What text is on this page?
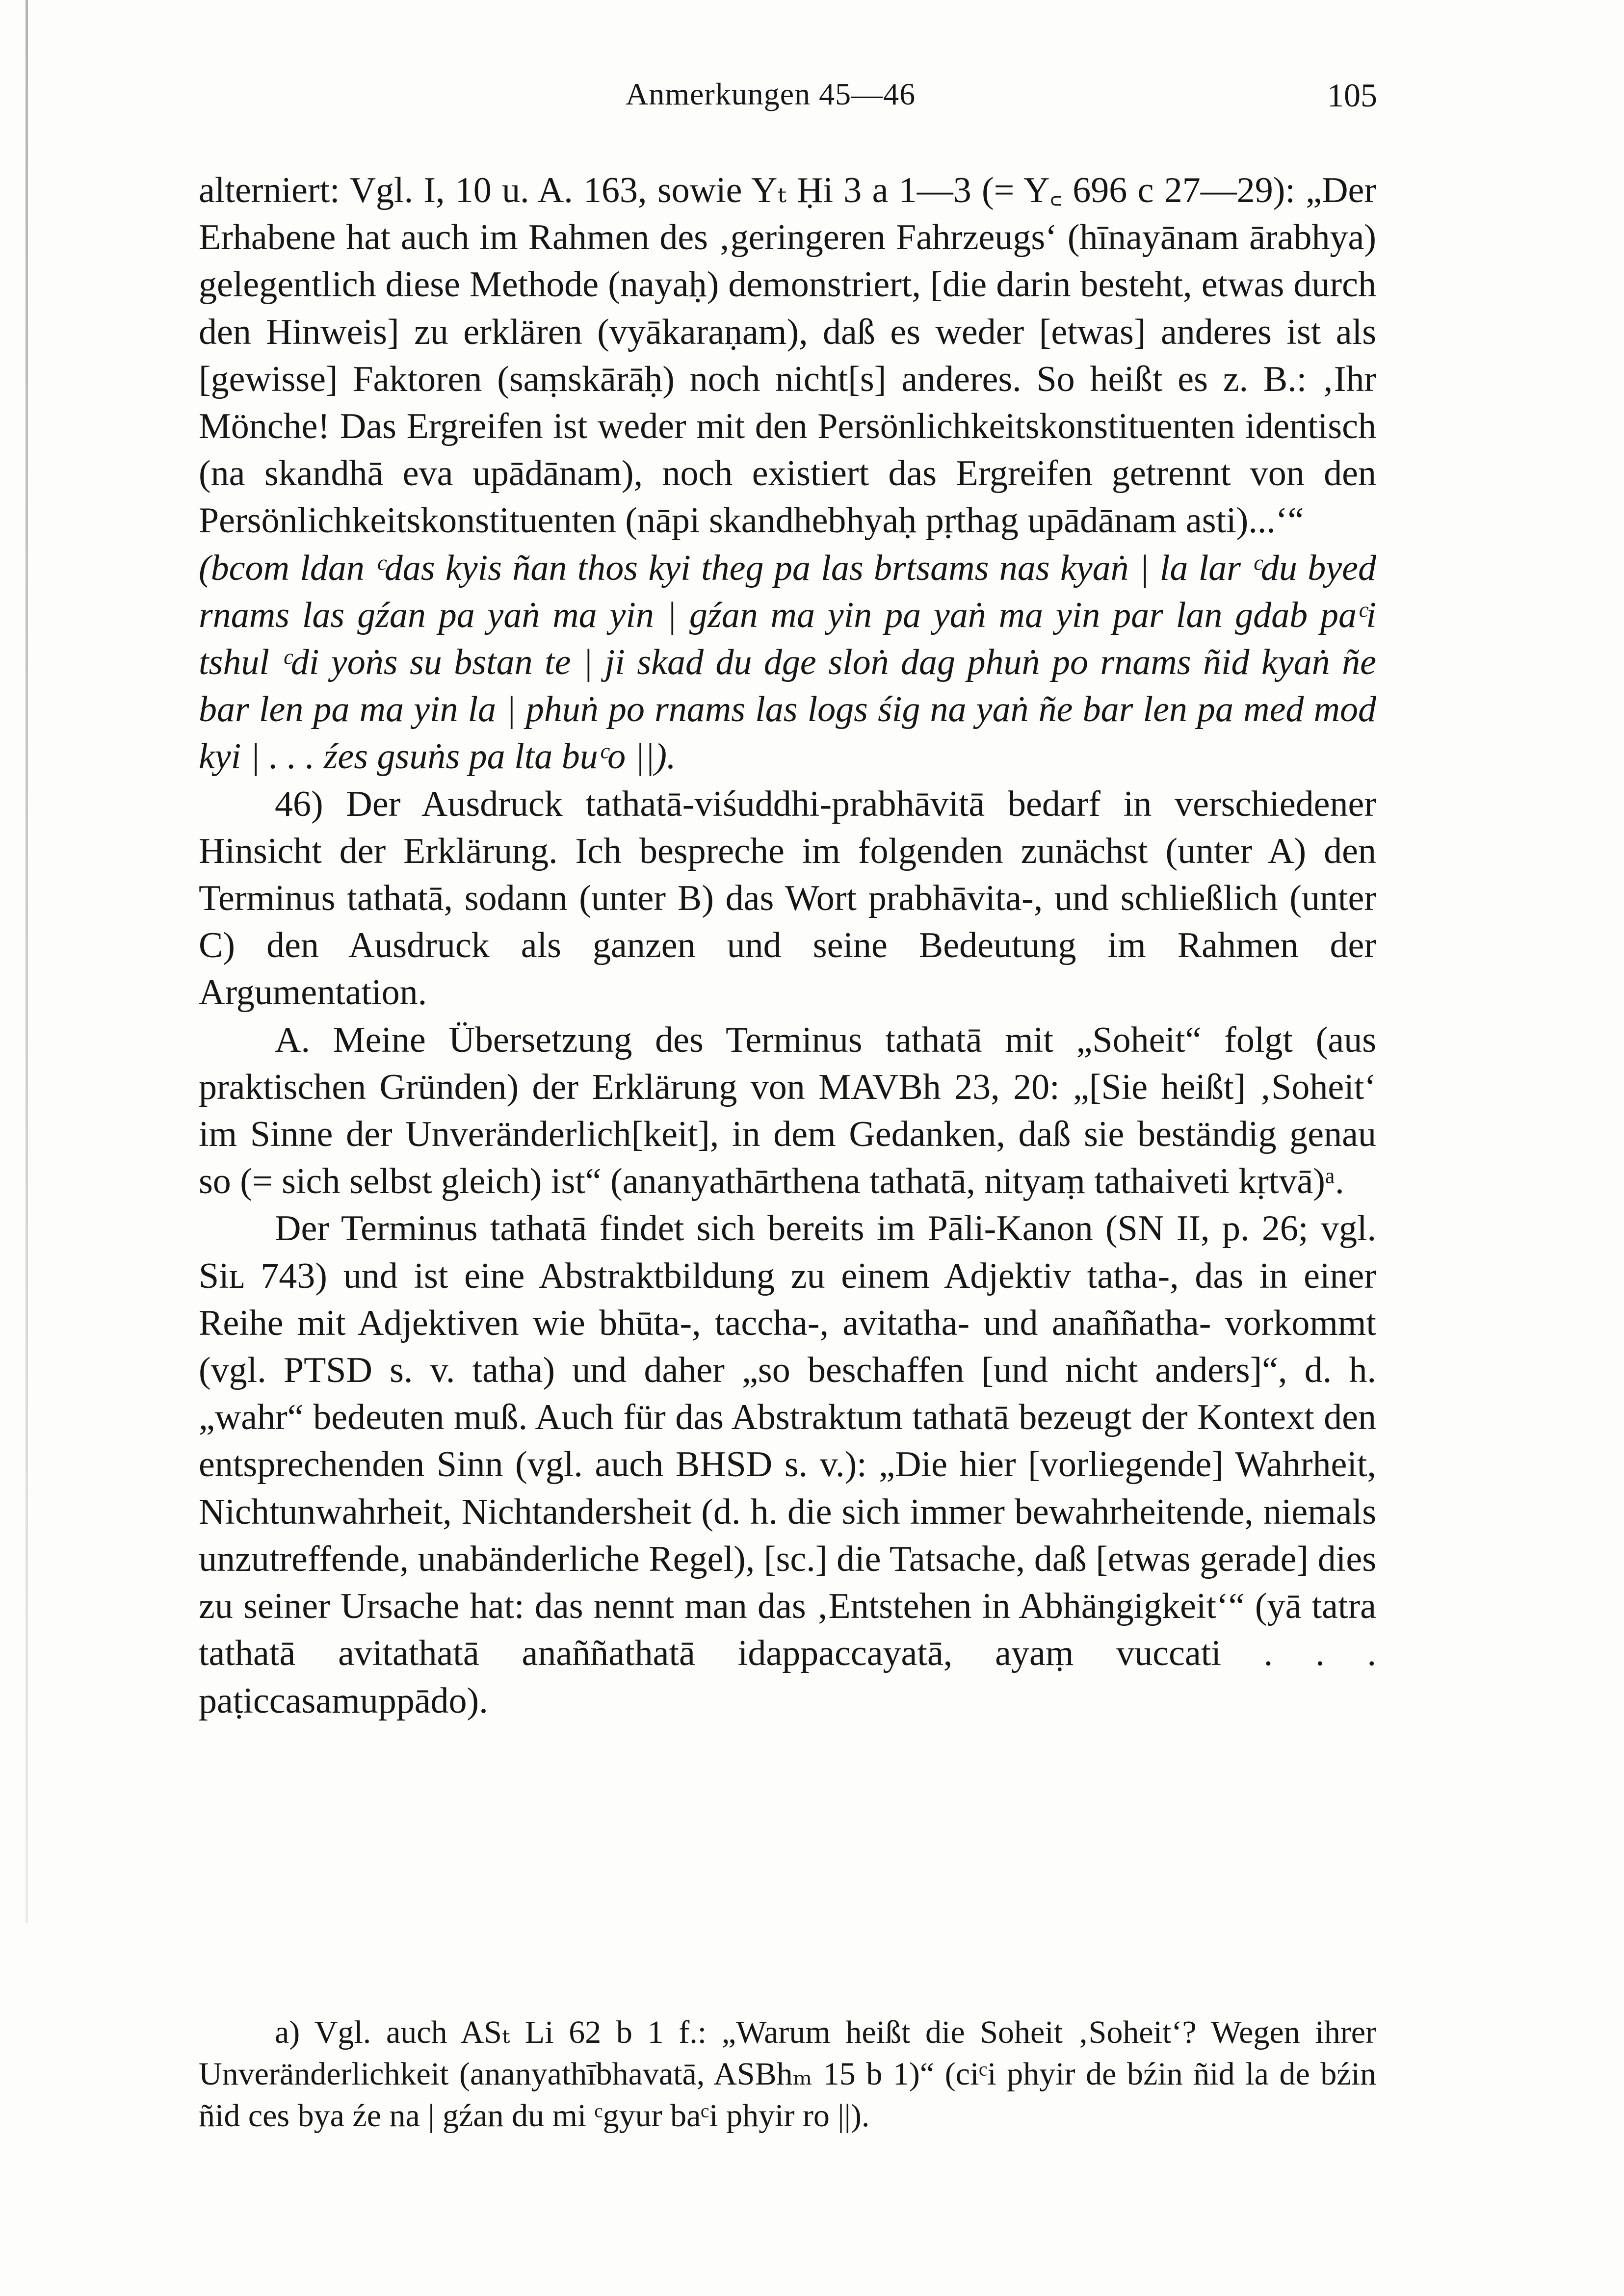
Anmerkungen 45—46	105

alterniert: Vgl. I, 10 u. A. 163, sowie Yₜ Ḥi 3 a 1—3 (= Y꜀ 696 c 27—29): „Der Erhabene hat auch im Rahmen des ‚geringeren Fahrzeugs‘ (hīnayānam ārabhya) gelegentlich diese Methode (nayaḥ) demonstriert, [die darin besteht, etwas durch den Hinweis] zu erklären (vyākaraṇam), daß es weder [etwas] anderes ist als [gewisse] Faktoren (saṃskārāḥ) noch nicht[s] anderes. So heißt es z. B.: ‚Ihr Mönche! Das Ergreifen ist weder mit den Persönlichkeitskonstituenten identisch (na skandhā eva upādānam), noch existiert das Ergreifen getrennt von den Persönlichkeitskonstituenten (nāpi skandhebhyaḥ pṛthag upādānam asti)...‘“

(bcom ldan ᶜdas kyis ñan thos kyi theg pa las brtsams nas kyaṅ | la lar ᶜdu byed rnams las gźan pa yaṅ ma yin | gźan ma yin pa yaṅ ma yin par lan gdab paᶜi tshul ᶜdi yoṅs su bstan te | ji skad du dge sloṅ dag phuṅ po rnams ñid kyaṅ ñe bar len pa ma yin la | phuṅ po rnams las logs śig na yaṅ ñe bar len pa med mod kyi | . . . źes gsuṅs pa lta buᶜo ||).

46) Der Ausdruck tathatā-viśuddhi-prabhāvitā bedarf in verschiedener Hinsicht der Erklärung. Ich bespreche im folgenden zunächst (unter A) den Terminus tathatā, sodann (unter B) das Wort prabhāvita-, und schließlich (unter C) den Ausdruck als ganzen und seine Bedeutung im Rahmen der Argumentation.

A. Meine Übersetzung des Terminus tathatā mit „Soheit“ folgt (aus praktischen Gründen) der Erklärung von MAVBh 23, 20: „[Sie heißt] ‚Soheit‘ im Sinne der Unveränderlich[keit], in dem Gedanken, daß sie beständig genau so (= sich selbst gleich) ist“ (ananyathārthena tathatā, nityaṃ tathaiveti kṛtvā)ᵃ.

Der Terminus tathatā findet sich bereits im Pāli-Kanon (SN II, p. 26; vgl. Siʟ 743) und ist eine Abstraktbildung zu einem Adjektiv tatha-, das in einer Reihe mit Adjektiven wie bhūta-, taccha-, avitatha- und anaññatha- vorkommt (vgl. PTSD s. v. tatha) und daher „so beschaffen [und nicht anders]“, d. h. „wahr“ bedeuten muß. Auch für das Abstraktum tathatā bezeugt der Kontext den entsprechenden Sinn (vgl. auch BHSD s. v.): „Die hier [vorliegende] Wahrheit, Nichtunwahrheit, Nichtandersheit (d. h. die sich immer bewahrheitende, niemals unzutreffende, unabänderliche Regel), [sc.] die Tatsache, daß [etwas gerade] dies zu seiner Ursache hat: das nennt man das ‚Entstehen in Abhängigkeit‘“ (yā tatra tathatā avitathatā anaññathatā idappaccayatā, ayaṃ vuccati . . . paṭiccasamuppādo).

a) Vgl. auch ASₜ Li 62 b 1 f.: „Warum heißt die Soheit ‚Soheit‘? Wegen ihrer Unveränderlichkeit (ananyathībhavatā, ASBhₘ 15 b 1)“ (ciᶜi phyir de bźin ñid la de bźin ñid ces bya źe na | gźan du mi ᶜgyur baᶜi phyir ro ||).
